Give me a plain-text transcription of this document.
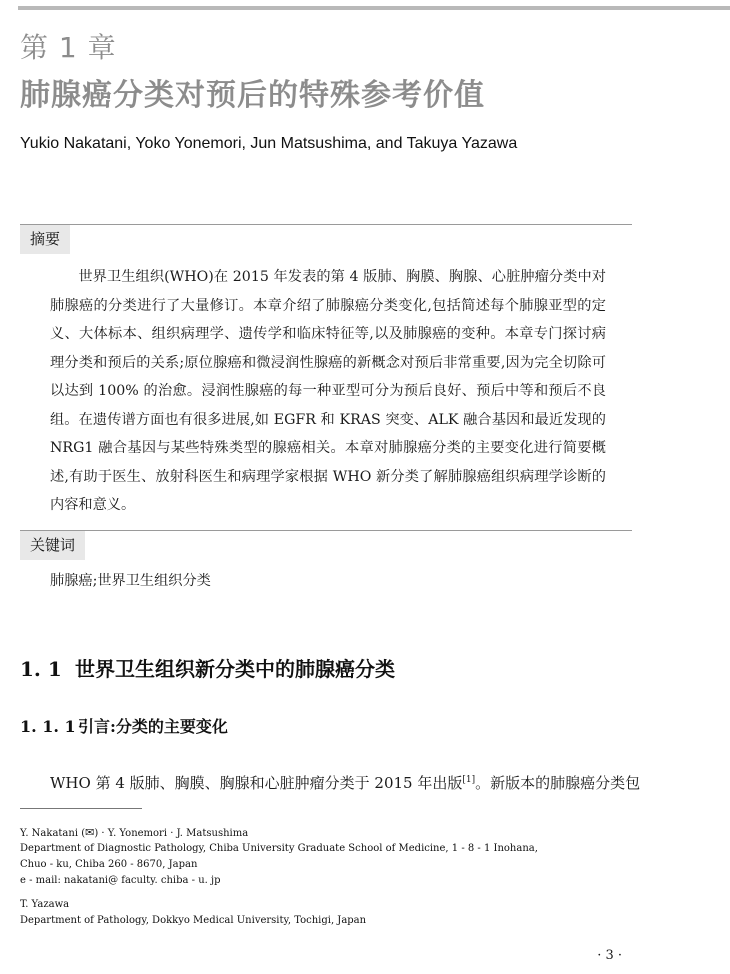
第 1 章
肺腺癌分类对预后的特殊参考价值
Yukio Nakatani, Yoko Yonemori, Jun Matsushima, and Takuya Yazawa
摘要

世界卫生组织(WHO)在 2015 年发表的第 4 版肺、胸膜、胸腺、心脏肿瘤分类中对肺腺癌的分类进行了大量修订。本章介绍了肺腺癌分类变化,包括简述每个肺腺亚型的定义、大体标本、组织病理学、遗传学和临床特征等,以及肺腺癌的变种。本章专门探讨病理分类和预后的关系;原位腺癌和微浸润性腺癌的新概念对预后非常重要,因为完全切除可以达到 100% 的治愈。浸润性腺癌的每一种亚型可分为预后良好、预后中等和预后不良组。在遗传谱方面也有很多进展,如 EGFR 和 KRAS 突变、ALK 融合基因和最近发现的 NRG1 融合基因与某些特殊类型的腺癌相关。本章对肺腺癌分类的主要变化进行简要概述,有助于医生、放射科医生和病理学家根据 WHO 新分类了解肺腺癌组织病理学诊断的内容和意义。

关键词
肺腺癌;世界卫生组织分类
1. 1 世界卫生组织新分类中的肺腺癌分类
1. 1. 1 引言:分类的主要变化
WHO 第 4 版肺、胸膜、胸腺和心脏肿瘤分类于 2015 年出版[1]。新版本的肺腺癌分类包
Y. Nakatani (✉) · Y. Yonemori · J. Matsushima
Department of Diagnostic Pathology, Chiba University Graduate School of Medicine, 1 - 8 - 1 Inohana,
Chuo - ku, Chiba 260 - 8670, Japan
e - mail: nakatani@ faculty. chiba - u. jp
T. Yazawa
Department of Pathology, Dokkyo Medical University, Tochigi, Japan
· 3 ·
